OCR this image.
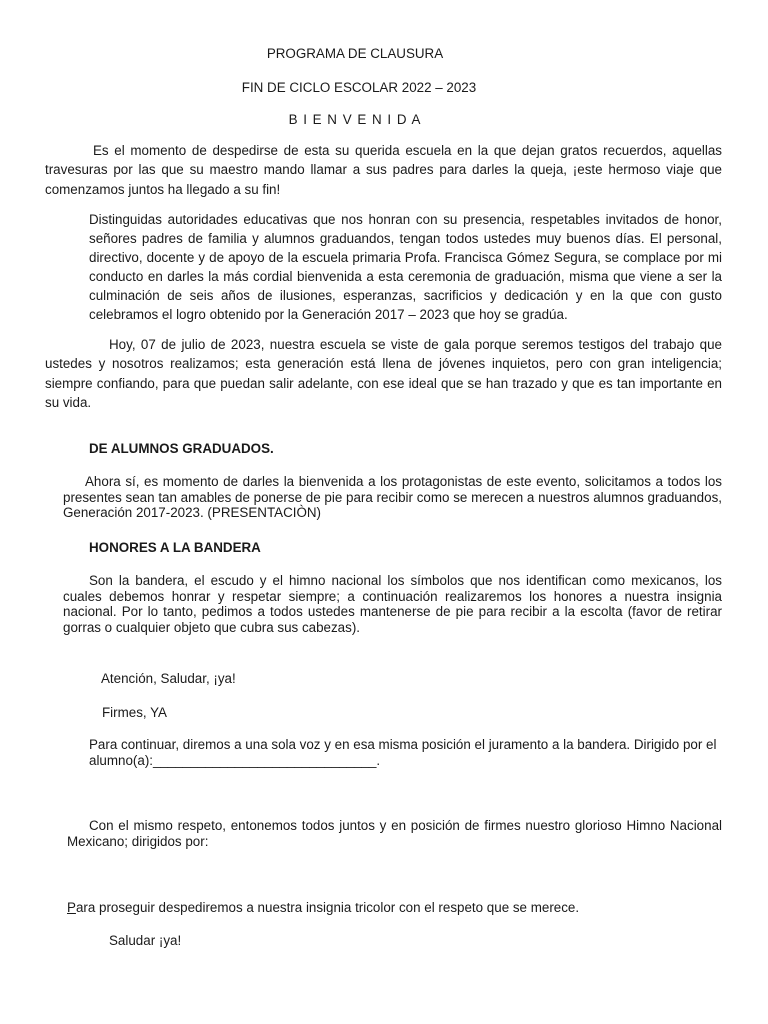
PROGRAMA DE CLAUSURA

FIN DE CICLO ESCOLAR 2022 – 2023

B I E N V E N I D A

Es el momento de despedirse de esta su querida escuela en la que dejan gratos recuerdos, aquellas travesuras por las que su maestro mando llamar a sus padres para darles la queja, ¡este hermoso viaje que comenzamos juntos ha llegado a su fin!

Distinguidas autoridades educativas que nos honran con su presencia, respetables invitados de honor, señores padres de familia y alumnos graduandos, tengan todos ustedes muy buenos días. El personal, directivo, docente y de apoyo de la escuela primaria Profa. Francisca Gómez Segura, se complace por mi conducto en darles la más cordial bienvenida a esta ceremonia de graduación, misma que viene a ser la culminación de seis años de ilusiones, esperanzas, sacrificios y dedicación y en la que con gusto celebramos el logro obtenido por la Generación 2017 – 2023 que hoy se gradúa.

Hoy, 07 de julio de 2023, nuestra escuela se viste de gala porque seremos testigos del trabajo que ustedes y nosotros realizamos; esta generación está llena de jóvenes inquietos, pero con gran inteligencia; siempre confiando, para que puedan salir adelante, con ese ideal que se han trazado y que es tan importante en su vida.

DE ALUMNOS GRADUADOS.

Ahora sí, es momento de darles la bienvenida a los protagonistas de este evento, solicitamos a todos los presentes sean tan amables de ponerse de pie para recibir como se merecen a nuestros alumnos graduandos, Generación 2017-2023. (PRESENTACIÒN)

HONORES A LA BANDERA

Son la bandera, el escudo y el himno nacional los símbolos que nos identifican como mexicanos, los cuales debemos honrar y respetar siempre; a continuación realizaremos los honores a nuestra insignia nacional. Por lo tanto, pedimos a todos ustedes mantenerse de pie para recibir a la escolta (favor de retirar gorras o cualquier objeto que cubra sus cabezas).

Atención, Saludar, ¡ya!

Firmes, YA

Para continuar, diremos a una sola voz y en esa misma posición el juramento a la bandera. Dirigido por el alumno(a):______________________________.

Con el mismo respeto, entonemos todos juntos y en posición de firmes nuestro glorioso Himno Nacional Mexicano; dirigidos por:

Para proseguir despediremos a nuestra insignia tricolor con el respeto que se merece.

Saludar ¡ya!
